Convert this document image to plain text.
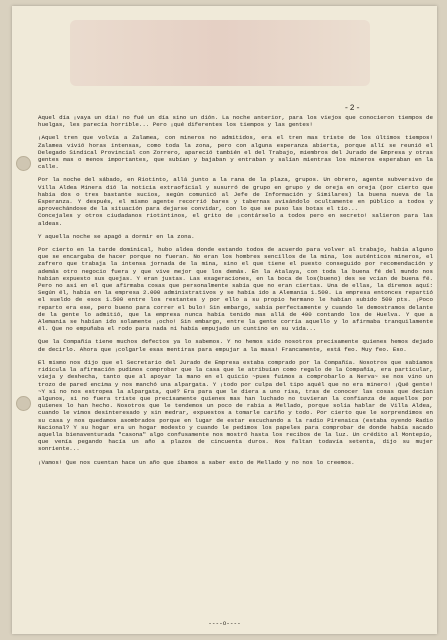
-2-

Aquel día ¡vaya un día! no fué un día sino un dión. La noche anterior, para los viejos que conocieron tiempos de huelgas, les parecía horrible... Pero ¡qué diferentes los tiempos y las gentes!

¡Aquel tren que volvía a Zalamea, con mineros no admitidos, era el tren mas triste de los últimos tiempos! Zalamea vivió horas intensas, como toda la zona, pero con alguna esperanza abierta, porque allí se reunió el Delegado Sindical Provincial con Zorrero, apareció también el del Trabajo, miembros del Jurado de Empresa y otras gentes mas o menos importantes, que subían y bajaban y entraban y salían mientras los mineros esperaban en la calle.

Por la noche del sábado, en Riotinto, allá junto a la rana de la plaza, grupos. Un obrero, agente subversivo de Villa Aldea Minera dió la noticia extraoficial y susurró de grupo en grupo y de oreja en oreja (por cierto que había dos o tres bastante sucios, según comunicó al Jefe de Información y Similares) la buena nueva de la Esperanza. Y después, el mismo agente recorrió bares y tabernas avisándolo ocultamente en público a todos y aprovechándose de la situación para dejarse convidar, con lo que se puso las botas el tío...
Concejales y otros ciudadanos riotintinos, el grito de ¡contárselo a todos pero en secreto! salieron para las aldeas.

Y aquella noche se apagó a dormir en la zona.

Por cierto en la tarde dominical, hubo aldea donde estando todos de acuerdo para volver al trabajo, había alguno que se encargaba de hacer porque no fueran. No eran los hombres sencillos de la mina, los auténticos mineros, el zafrero que trabaja la intensa jornada de la mina, sino el que tiene el puesto conseguido por recomendación y además otro negocio fuera y que vive mejor que los demás. En la Atalaya, con toda la buena fé del mundo nos habían expuesto sus quejas. Y eran justas. Las exageraciones, en la boca de los(bueno) des se vcían de buena fé. Pero no así en el que afirmaba cosas que personalmente sabía que no eran ciertas. Una de ellas, la diremos aquí: Según él, había en la empresa 2.000 administrativos y se había ido a Alemania 1.500. La empresa entonces repartió el sueldo de esos 1.500 entre los restantes y por ello a su propio hermano le habían subido 500 pts. ¡Poco reparto era ese, pero bueno para correr el bulo! Sin embargo, sabía perfectamente y cuando le demostramos delante de la gente lo admitió, que la empresa nunca había tenido mas allá de 400 contando los de Huelva. Y que a Alemania se habían ido solamente ¡ocho! Sin embargo, entre la gente corría aquello y lo afirmaba tranquilamente él. Que no empuñaba el rodo para nada ni había empujado un cuntino en su vida...

Que la Compañía tiene muchos defectos ya lo sabemos. Y no hemos sido nosotros precisamente quienes hemos dejado de decirlo. Ahora que ¡colgarle esas mentiras para empujar a la masa! Francamente, está feo. Muy feo. Eso.

El mismo nos dijo que el Secretario del Jurado de Empresa estaba comprado por la Compañía. Nosotros que sabíamos ridícula la afirmación pudimos comprobar que la casa que le atribuían como regalo de la Compañía, era particular, vieja y deshecha, tanto que al apoyar la mano en el quicio ~pues fuimos a comprobarlo a Nerva~ se nos vino un trozo de pared encima y nos manchó una alpargata. Y ¡todo por culpa del tipo aquél que no era minero! ¡Qué gente! ~Y si no nos estropea la alpargata, qué? Era para que le diera a uno risa, tras de conocer las cosas que decían algunos, si no fuera triste que precisamente quienes mas han luchado no tuvieran la confianza de aquellos por quienes lo han hecho. Nosotros que le tendemos un poco de rabia a Mellado, porque solía hablar de Villa Aldea, cuando le vimos desinteresado y sin medrar, expuestos a tomarle cariño y todo. Por cierto que le sorprendimos en su casa y nos quedamos asombrados porque en lugar de estar escuchando a la radio Pirenaica (estaba oyendo Radio Nacional? Y su hogar era un hogar modesto y cuando le pedimos los papeles para comprobar de donde había sacado aquella bienaventurada "casona" algo confusamente nos mostró hasta los recibos de la luz. Un crédito al Montepío, que venía pegando hacía un año a plazos de cincuenta duros. Nos faltan todavía setenta, dijo su mujer sonriente...

¡Vamos! Que nos cuentan hace un año que íbamos a saber esto de Mellado y no nos lo creemos.

----o----
